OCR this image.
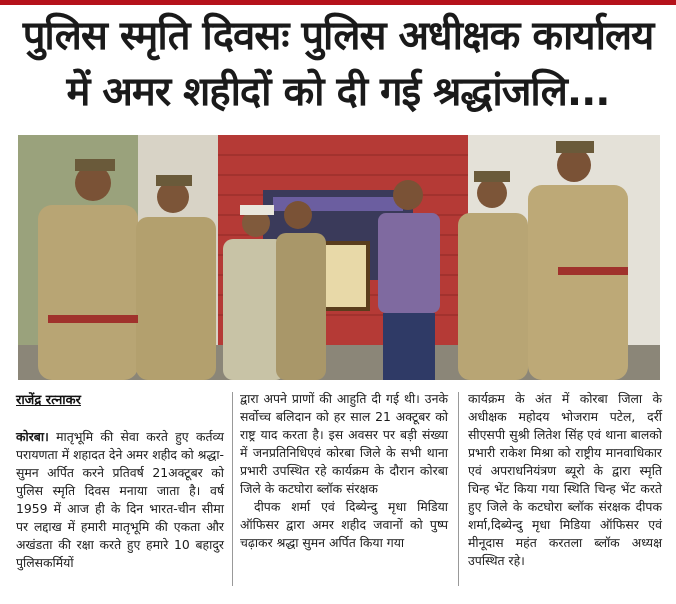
पुलिस स्मृति दिवसः पुलिस अधीक्षक कार्यालय
में अमर शहीदों को दी गई श्रद्धांजलि...
राजेंद्र रत्नाकर

कोरबा। मातृभूमि की सेवा करते हुए कर्तव्य परायणता में शहादत देने अमर शहीद को श्रद्धा-सुमन अर्पित करने प्रतिवर्ष 21अक्टूबर को पुलिस स्मृति दिवस मनाया जाता है। वर्ष 1959 में आज ही के दिन भारत-चीन सीमा पर लद्दाख में हमारी मातृभूमि की एकता और अखंडता की रक्षा करते हुए हमारे 10 बहादुर पुलिसकर्मियों

द्वारा अपने प्राणों की आहुति दी गई थी। उनके सर्वोच्च बलिदान को हर साल 21 अक्टूबर को राष्ट्र याद करता है। इस अवसर पर बड़ी संख्या में जनप्रतिनिधिएवं कोरबा जिले के सभी थाना प्रभारी उपस्थित रहे कार्यक्रम के दौरान कोरबा जिले के कटघोरा ब्लॉक संरक्षक

दीपक शर्मा एवं दिब्येन्दु मृधा मिडिया ऑफिसर द्वारा अमर शहीद जवानों को पुष्प चढ़ाकर श्रद्धा सुमन अर्पित किया गया

कार्यक्रम के अंत में कोरबा जिला के अधीक्षक महोदय भोजराम पटेल, दर्री सीएसपी सुश्री लितेश सिंह एवं थाना बालको प्रभारी राकेश मिश्रा को राष्ट्रीय मानवाधिकार एवं अपराधनियंत्रण ब्यूरो के द्वारा स्मृति चिन्ह भेंट किया गया स्थिति चिन्ह भेंट करते हुए जिले के कटघोरा ब्लॉक संरक्षक दीपक शर्मा,दिब्येन्दु मृधा मिडिया ऑफिसर एवं मीनूदास महंत करतला ब्लॉक अध्यक्ष उपस्थित रहे।
